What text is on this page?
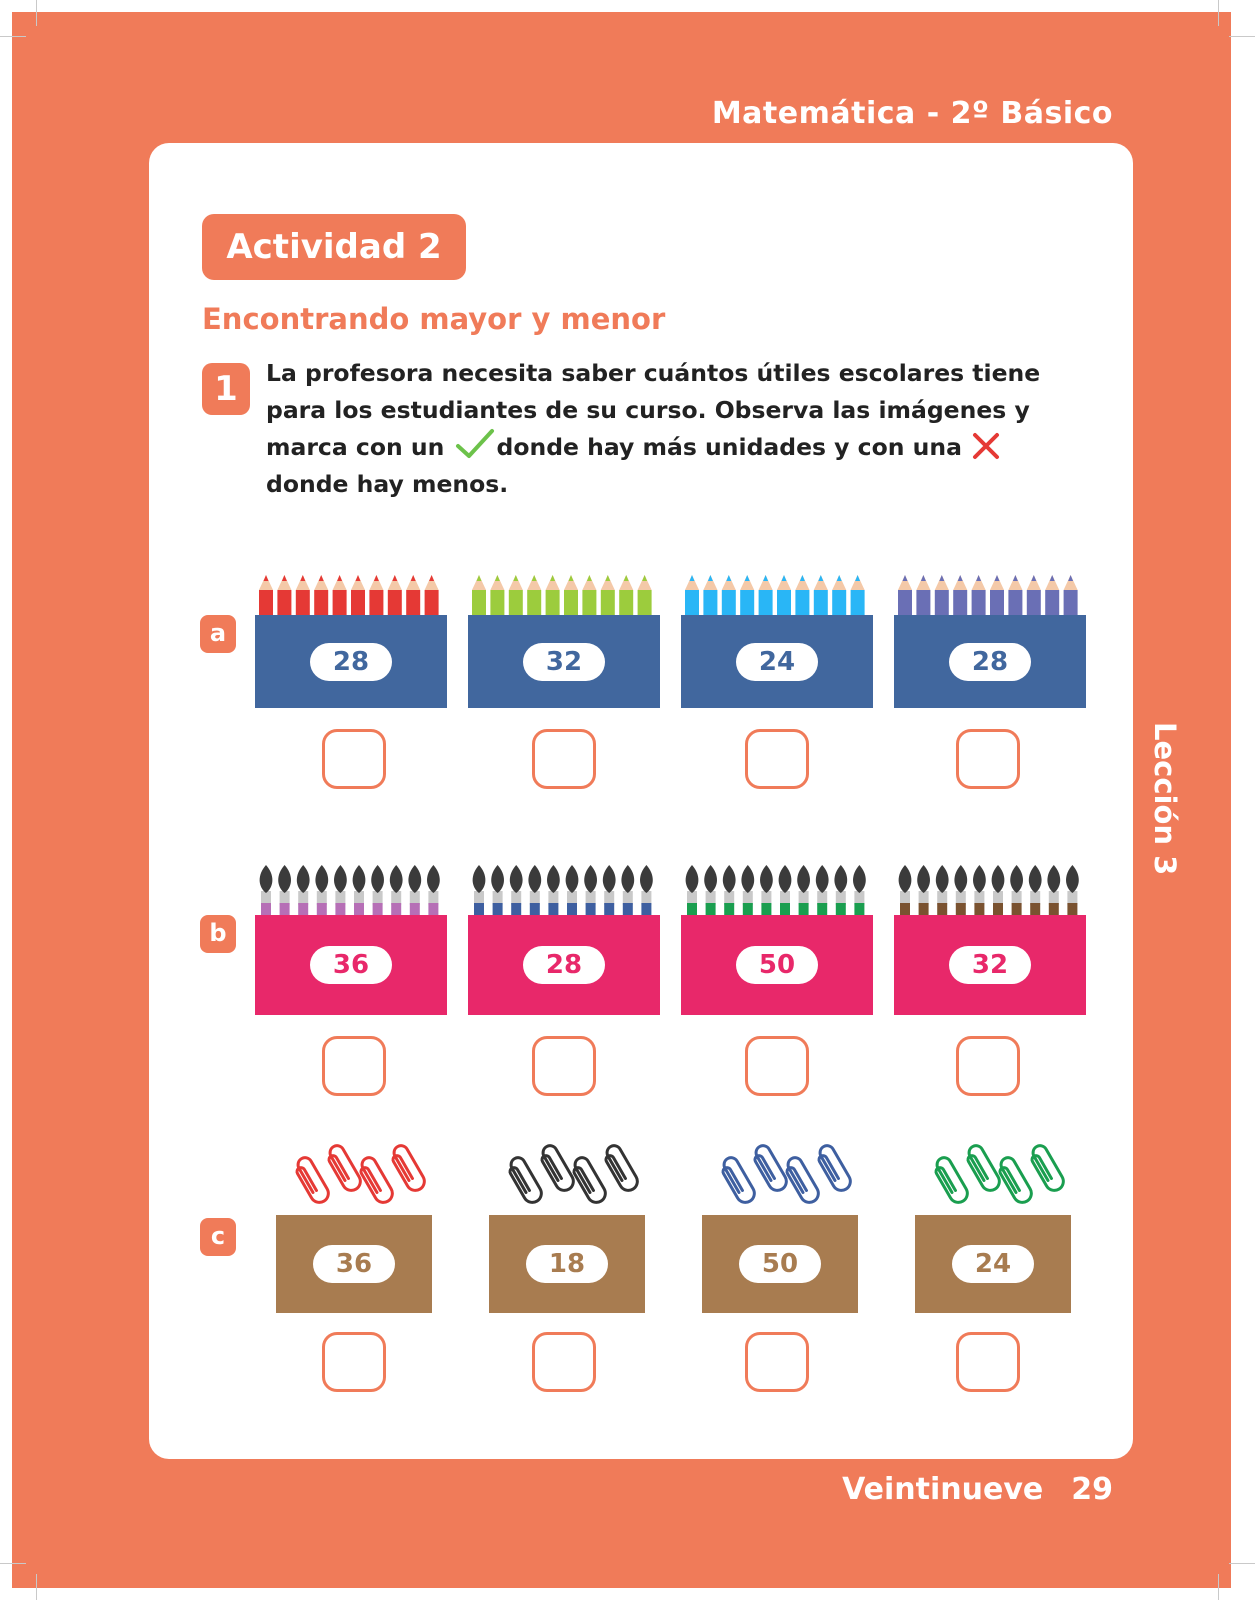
Matemática - 2º Básico
Actividad 2
Encontrando mayor y menor
1	La profesora necesita saber cuántos útiles escolares tiene para los estudiantes de su curso. Observa las imágenes y marca con un donde hay más unidades y con una  donde hay menos.
a
28	32	24	28
b
36	28	50	32
c
36	18	50	24
Lección 3
Veintinueve 29
